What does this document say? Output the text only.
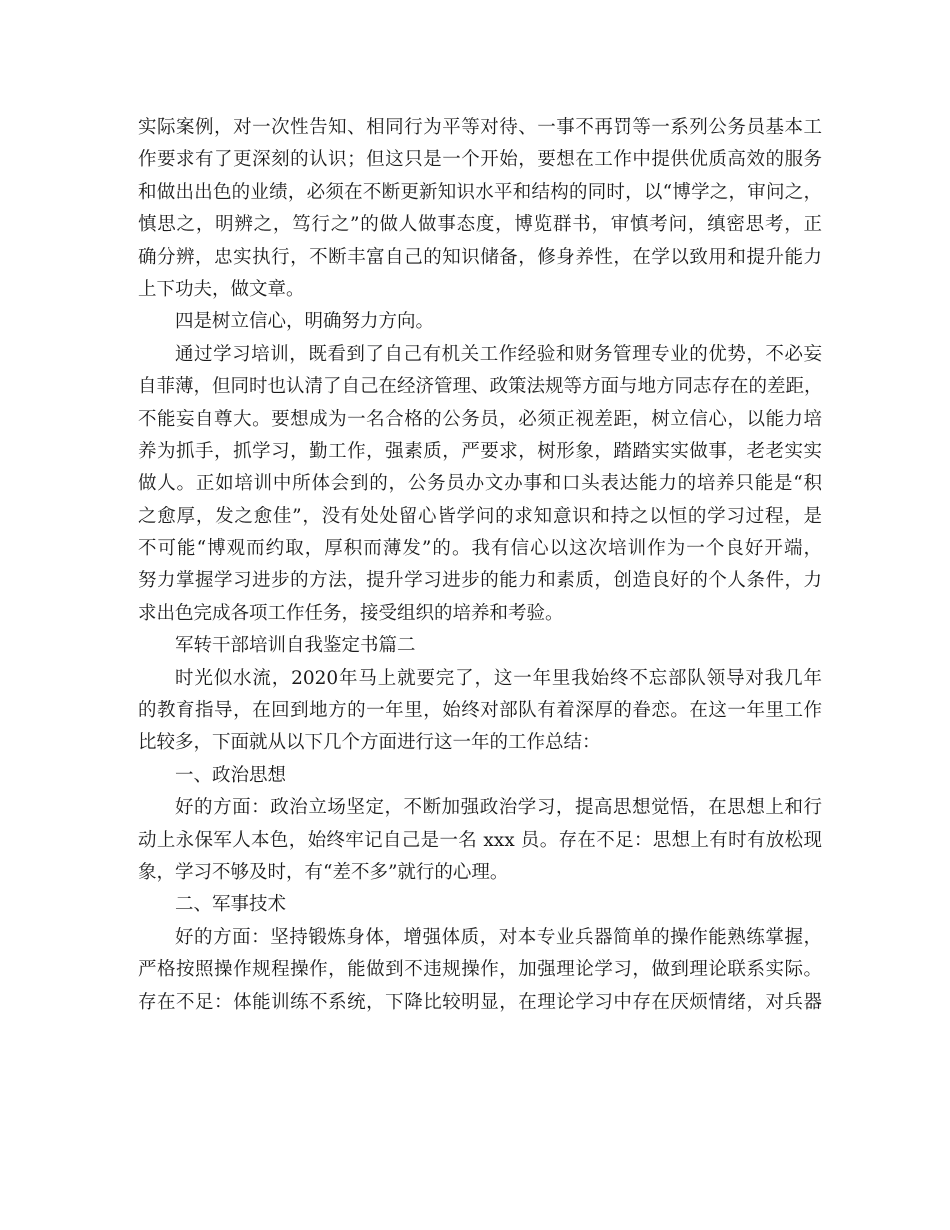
实际案例，对一次性告知、相同行为平等对待、一事不再罚等一系列公务员基本工
作要求有了更深刻的认识；但这只是一个开始，要想在工作中提供优质高效的服务
和做出出色的业绩，必须在不断更新知识水平和结构的同时，以“博学之，审问之，
慎思之，明辨之，笃行之”的做人做事态度，博览群书，审慎考问，缜密思考，正
确分辨，忠实执行，不断丰富自己的知识储备，修身养性，在学以致用和提升能力
上下功夫，做文章。
四是树立信心，明确努力方向。
通过学习培训，既看到了自己有机关工作经验和财务管理专业的优势，不必妄
自菲薄，但同时也认清了自己在经济管理、政策法规等方面与地方同志存在的差距，
不能妄自尊大。要想成为一名合格的公务员，必须正视差距，树立信心，以能力培
养为抓手，抓学习，勤工作，强素质，严要求，树形象，踏踏实实做事，老老实实
做人。正如培训中所体会到的，公务员办文办事和口头表达能力的培养只能是“积
之愈厚，发之愈佳”，没有处处留心皆学问的求知意识和持之以恒的学习过程，是
不可能“博观而约取，厚积而薄发”的。我有信心以这次培训作为一个良好开端，
努力掌握学习进步的方法，提升学习进步的能力和素质，创造良好的个人条件，力
求出色完成各项工作任务，接受组织的培养和考验。
军转干部培训自我鉴定书篇二
时光似水流，2020年马上就要完了，这一年里我始终不忘部队领导对我几年
的教育指导，在回到地方的一年里，始终对部队有着深厚的眷恋。在这一年里工作
比较多，下面就从以下几个方面进行这一年的工作总结：
一、政治思想
好的方面：政治立场坚定，不断加强政治学习，提高思想觉悟，在思想上和行
动上永保军人本色，始终牢记自己是一名 xxx 员。存在不足：思想上有时有放松现
象，学习不够及时，有“差不多”就行的心理。
二、军事技术
好的方面：坚持锻炼身体，增强体质，对本专业兵器简单的操作能熟练掌握，
严格按照操作规程操作，能做到不违规操作，加强理论学习，做到理论联系实际。
存在不足：体能训练不系统，下降比较明显，在理论学习中存在厌烦情绪，对兵器
